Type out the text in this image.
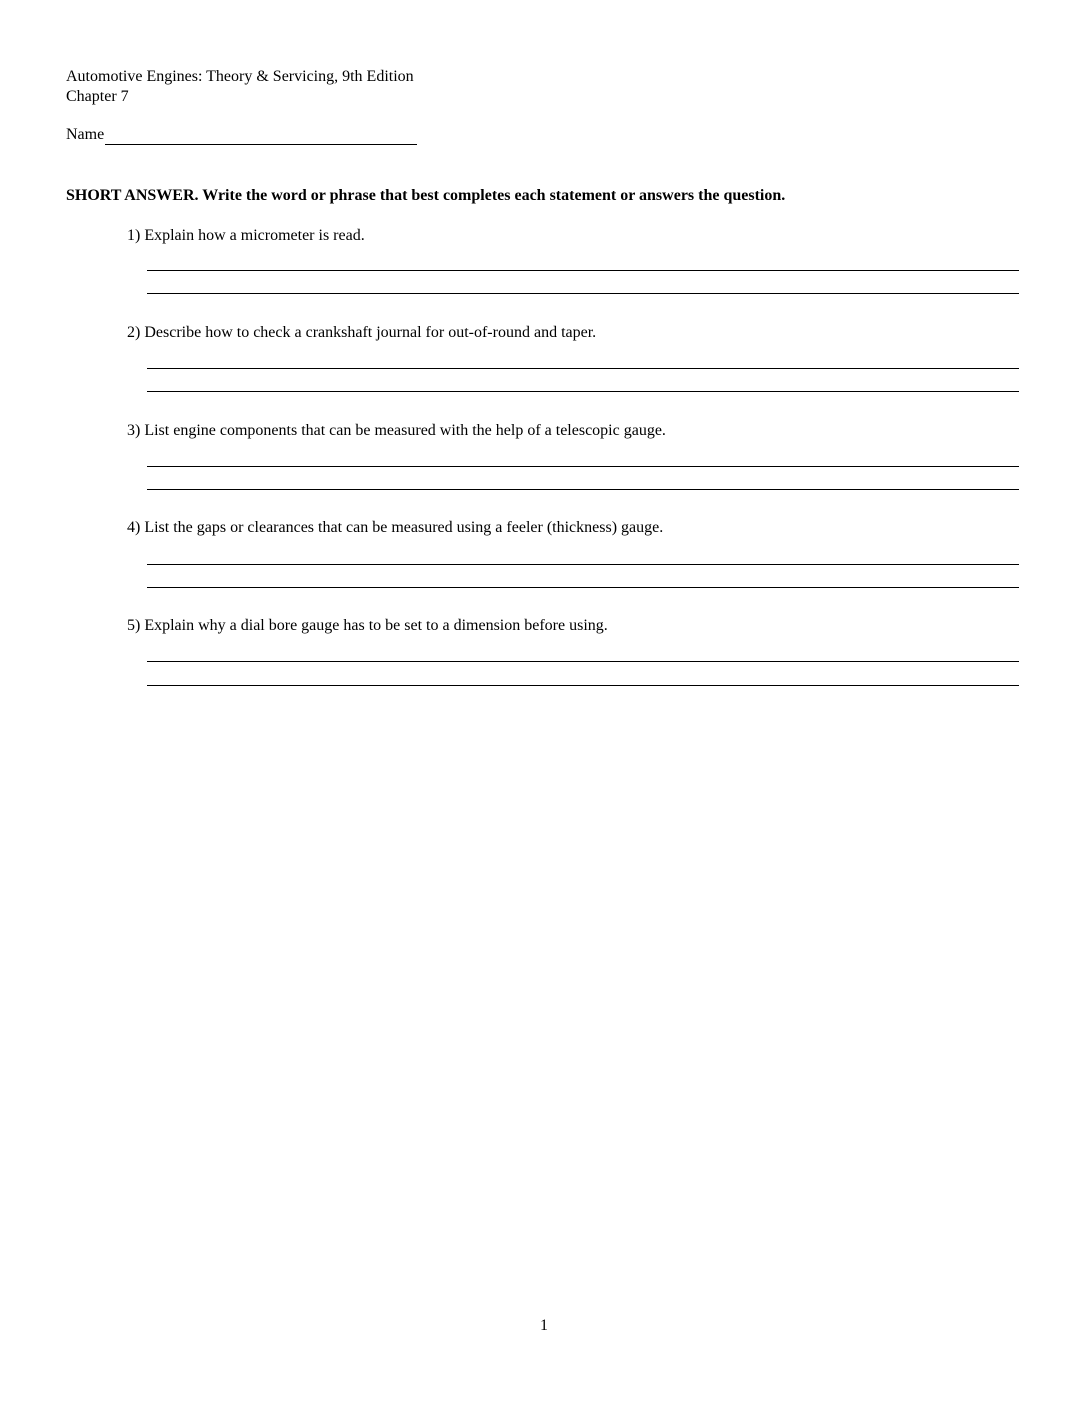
Automotive Engines: Theory & Servicing, 9th Edition
Chapter 7
Name
SHORT ANSWER. Write the word or phrase that best completes each statement or answers the question.
1) Explain how a micrometer is read.
2) Describe how to check a crankshaft journal for out-of-round and taper.
3) List engine components that can be measured with the help of a telescopic gauge.
4) List the gaps or clearances that can be measured using a feeler (thickness) gauge.
5) Explain why a dial bore gauge has to be set to a dimension before using.
1
